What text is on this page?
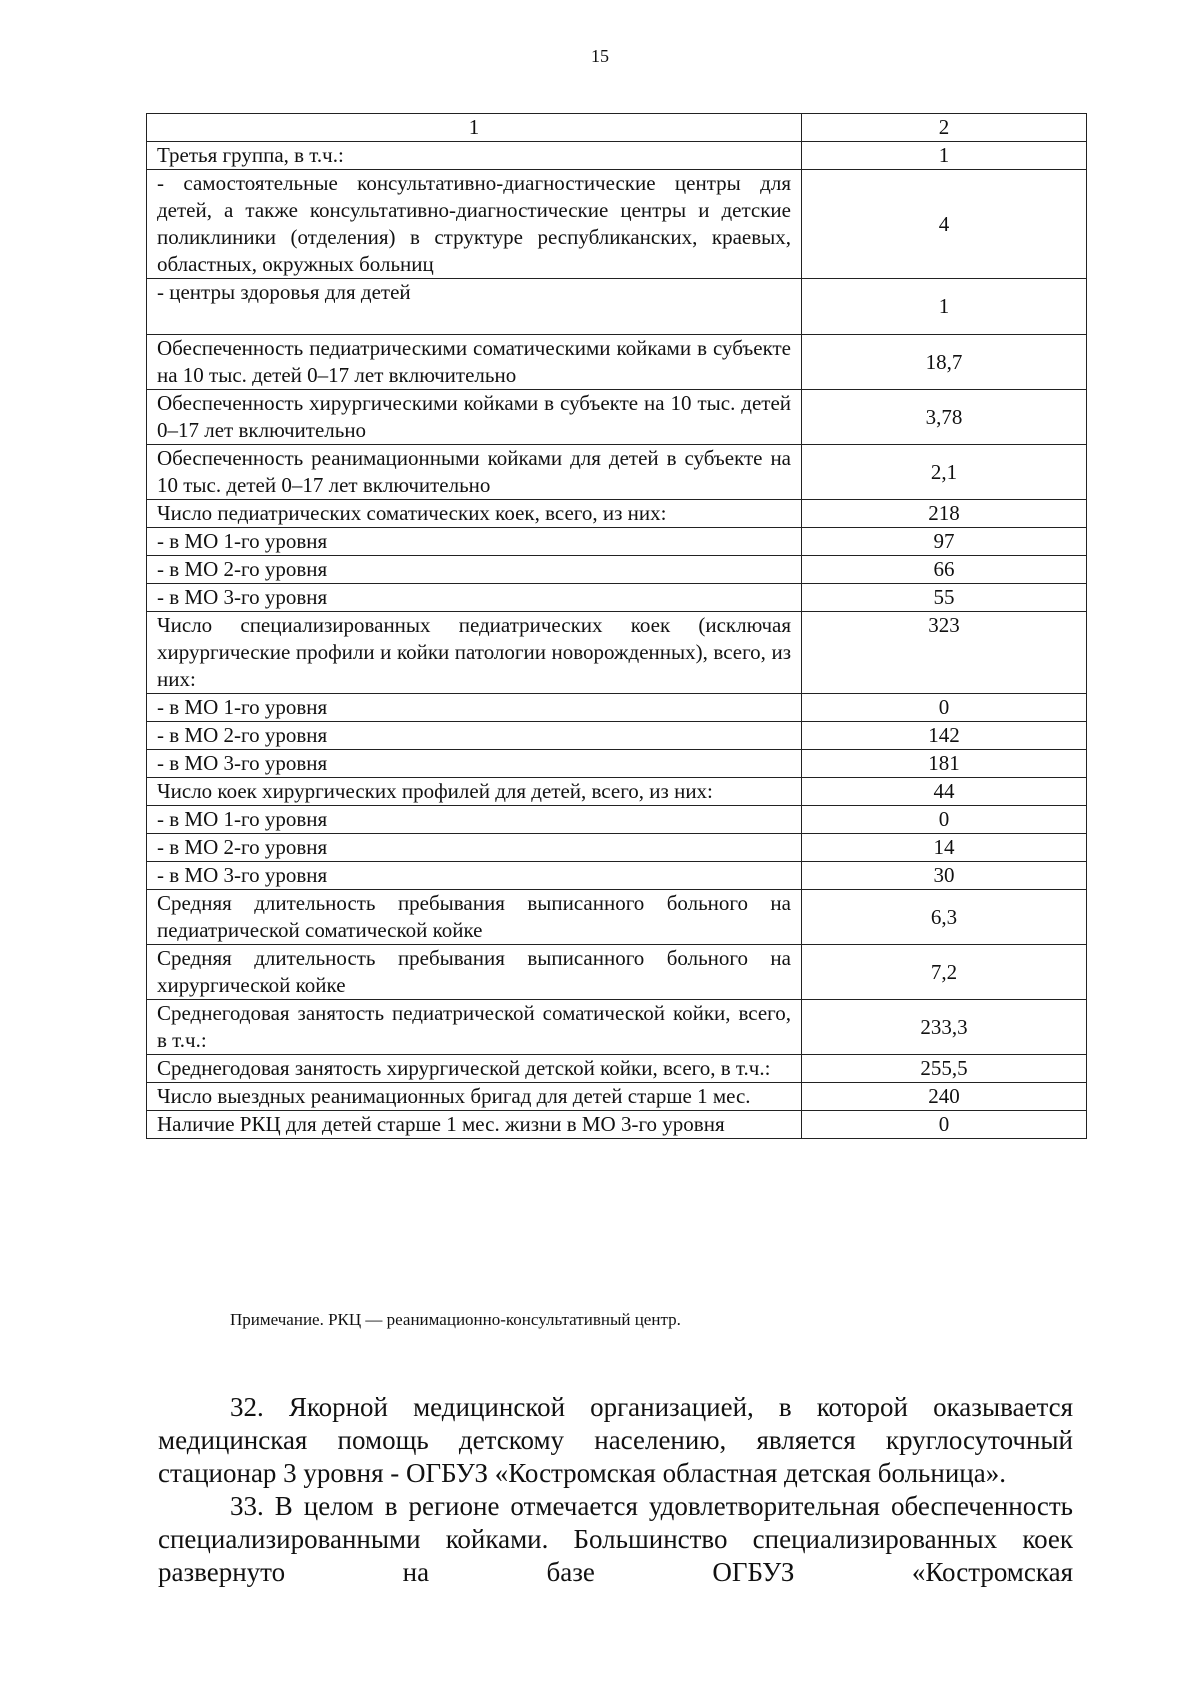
15
1	2
Третья группа, в т.ч.:	1
- самостоятельные консультативно-диагностические центры для детей, а также консультативно-диагностические центры и детские поликлиники (отделения) в структуре республиканских, краевых, областных, окружных больниц	4
- центры здоровья для детей	1
Обеспеченность педиатрическими соматическими койками в субъекте на 10 тыс. детей 0–17 лет включительно	18,7
Обеспеченность хирургическими койками в субъекте на 10 тыс. детей 0–17 лет включительно	3,78
Обеспеченность реанимационными койками для детей в субъекте на 10 тыс. детей 0–17 лет включительно	2,1
Число педиатрических соматических коек, всего, из них:	218
- в МО 1-го уровня	97
- в МО 2-го уровня	66
- в МО 3-го уровня	55
Число специализированных педиатрических коек (исключая хирургические профили и койки патологии новорожденных), всего, из них:	323
- в МО 1-го уровня	0
- в МО 2-го уровня	142
- в МО 3-го уровня	181
Число коек хирургических профилей для детей, всего, из них:	44
- в МО 1-го уровня	0
- в МО 2-го уровня	14
- в МО 3-го уровня	30
Средняя длительность пребывания выписанного больного на педиатрической соматической койке	6,3
Средняя длительность пребывания выписанного больного на хирургической койке	7,2
Среднегодовая занятость педиатрической соматической койки, всего, в т.ч.:	233,3
Среднегодовая занятость хирургической детской койки, всего, в т.ч.:	255,5
Число выездных реанимационных бригад для детей старше 1 мес.	240
Наличие РКЦ для детей старше 1 мес. жизни в МО 3-го уровня	0
Примечание. РКЦ — реанимационно-консультативный центр.

32. Якорной медицинской организацией, в которой оказывается медицинская помощь детскому населению, является круглосуточный стационар 3 уровня - ОГБУЗ «Костромская областная детская больница».

33. В целом в регионе отмечается удовлетворительная обеспеченность специализированными койками. Большинство специализированных коек развернуто на базе ОГБУЗ «Костромская
